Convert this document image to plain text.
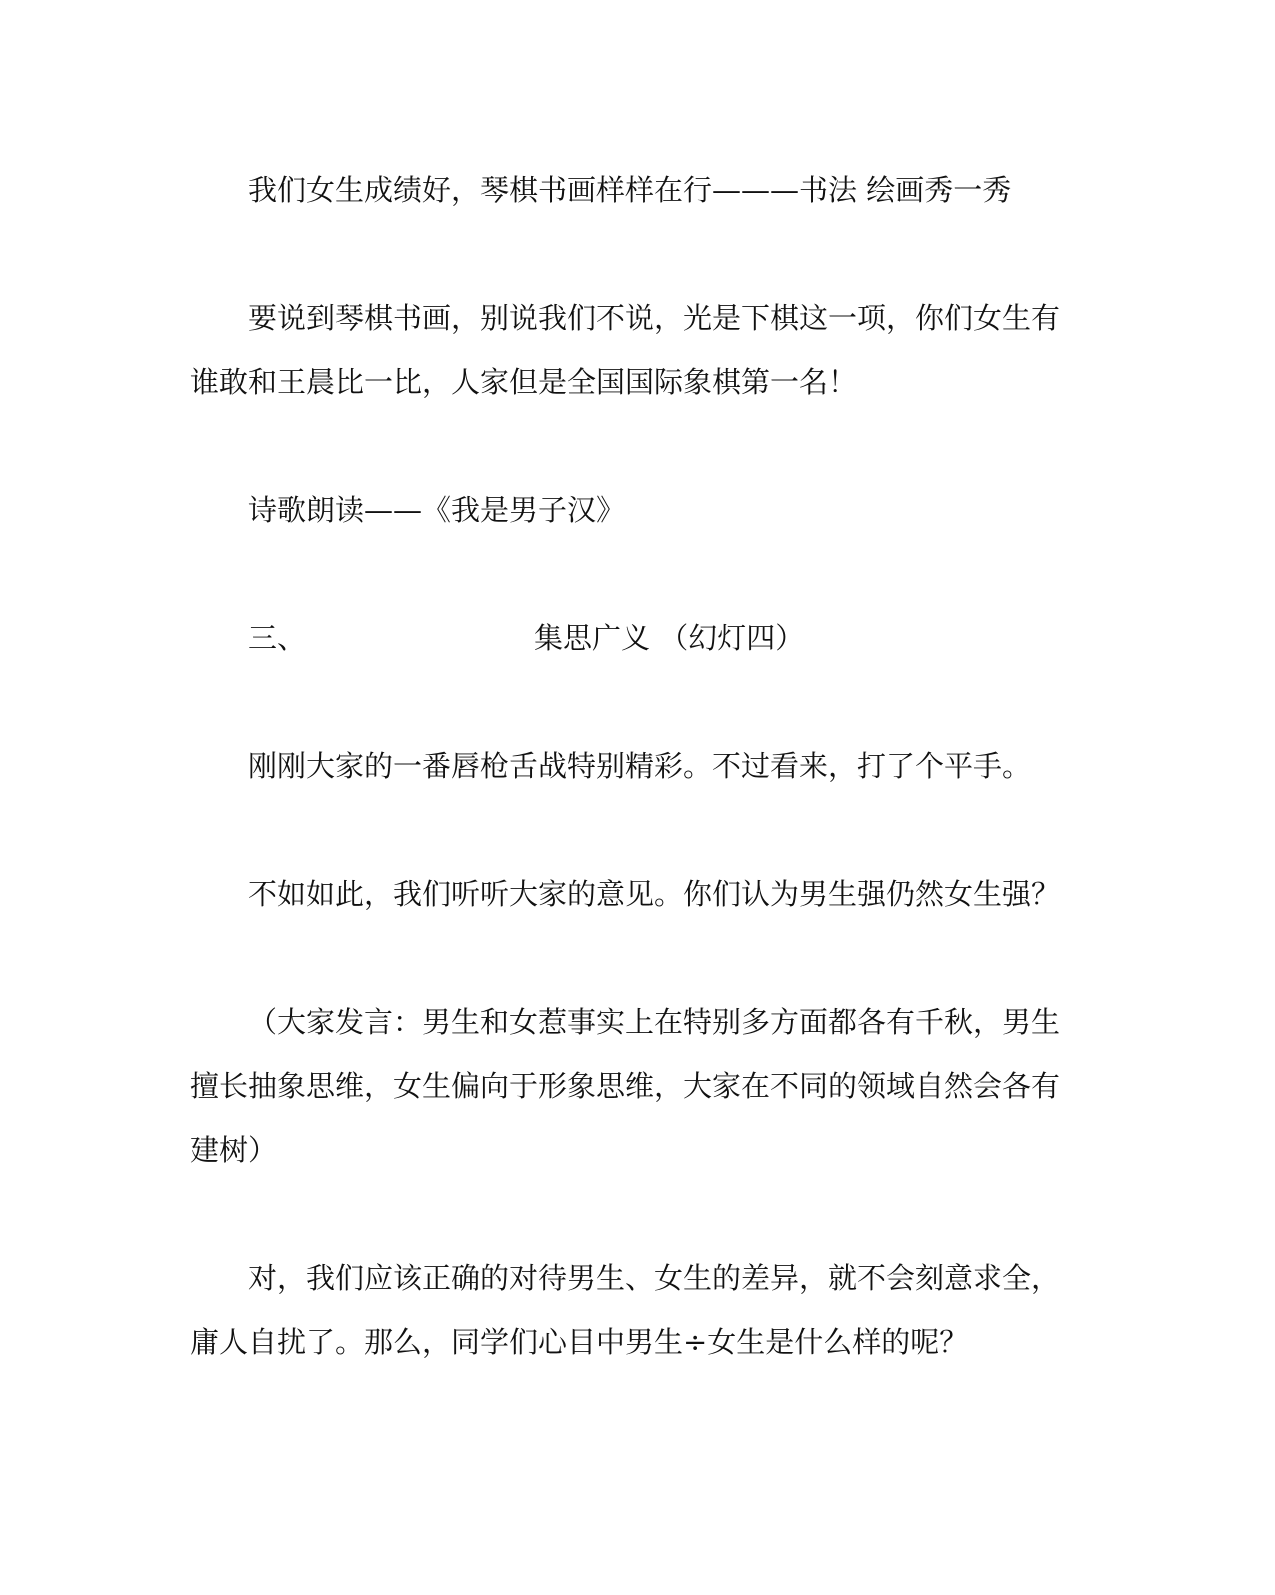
我们女生成绩好，琴棋书画样样在行———书法 绘画秀一秀

要说到琴棋书画，别说我们不说，光是下棋这一项，你们女生有
谁敢和王晨比一比，人家但是全国国际象棋第一名！

诗歌朗读——《我是男子汉》

三、	集思广义 （幻灯四）

刚刚大家的一番唇枪舌战特别精彩。不过看来，打了个平手。

不如如此，我们听听大家的意见。你们认为男生强仍然女生强？

（大家发言：男生和女惹事实上在特别多方面都各有千秋，男生
擅长抽象思维，女生偏向于形象思维，大家在不同的领域自然会各有
建树）

对，我们应该正确的对待男生、女生的差异，就不会刻意求全，
庸人自扰了。那么，同学们心目中男生÷女生是什么样的呢？
